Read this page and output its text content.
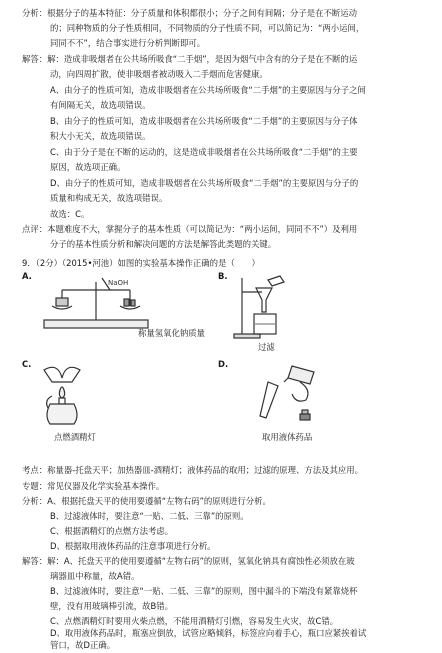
分析：根据分子的基本特征：分子质量和体积都很小；分子之间有间隔；分子是在不断运动
的；同种物质的分子性质相同，不同物质的分子性质不同，可以简记为：“两小运间，
同同不不”，结合事实进行分析判断即可。
解答：解：造成非吸烟者在公共场所吸食“二手烟”，是因为烟气中含有的分子是在不断的运
动，向四周扩散，使非吸烟者被动吸入二手烟而危害健康。
A、由分子的性质可知，造成非吸烟者在公共场所吸食“二手烟”的主要原因与分子之间
有间隔无关，故选项错误。
B、由分子的性质可知，造成非吸烟者在公共场所吸食“二手烟”的主要原因与分子体
积大小无关，故选项错误。
C、由于分子是在不断的运动的，这是造成非吸烟者在公共场所吸食“二手烟”的主要
原因，故选项正确。
D、由分子的性质可知，造成非吸烟者在公共场所吸食“二手烟”的主要原因与分子的
质量和构成无关，故选项错误。
故选：C。
点评：本题难度不大，掌握分子的基本性质（可以简记为：“两小运间，同同不不”）及利用
分子的基本性质分析和解决问题的方法是解答此类题的关键。
9．（2分）（2015•河池）如图的实验基本操作正确的是（　　）
A.
NaOH
称量氢氧化钠质量
B.
过滤
C.
点燃酒精灯
D.
取用液体药品
考点：称量器-托盘天平；加热器皿-酒精灯；液体药品的取用；过滤的原理、方法及其应用。
专题：常见仪器及化学实验基本操作。
分析：A、根据托盘天平的使用要遵循“左物右码”的原则进行分析。
B、过滤液体时，要注意“一贴、二低、三靠”的原则。
C、根据酒精灯的点燃方法考虑。
D、根据取用液体药品的注意事项进行分析。
解答：解：A、托盘天平的使用要遵循“左物右码”的原则，氢氧化钠具有腐蚀性必须放在玻
璃器皿中称量，故A错。
B、过滤液体时，要注意“一贴、二低、三靠”的原则，图中漏斗的下端没有紧靠烧杯
壁，没有用玻璃棒引流，故B错。
C、点燃酒精灯时要用火柴点燃，不能用酒精灯引燃，容易发生火灾，故C错。
D、取用液体药品时，瓶塞应倒放，试管应略倾斜，标签应向着手心，瓶口应紧挨着试
管口，故D正确。
